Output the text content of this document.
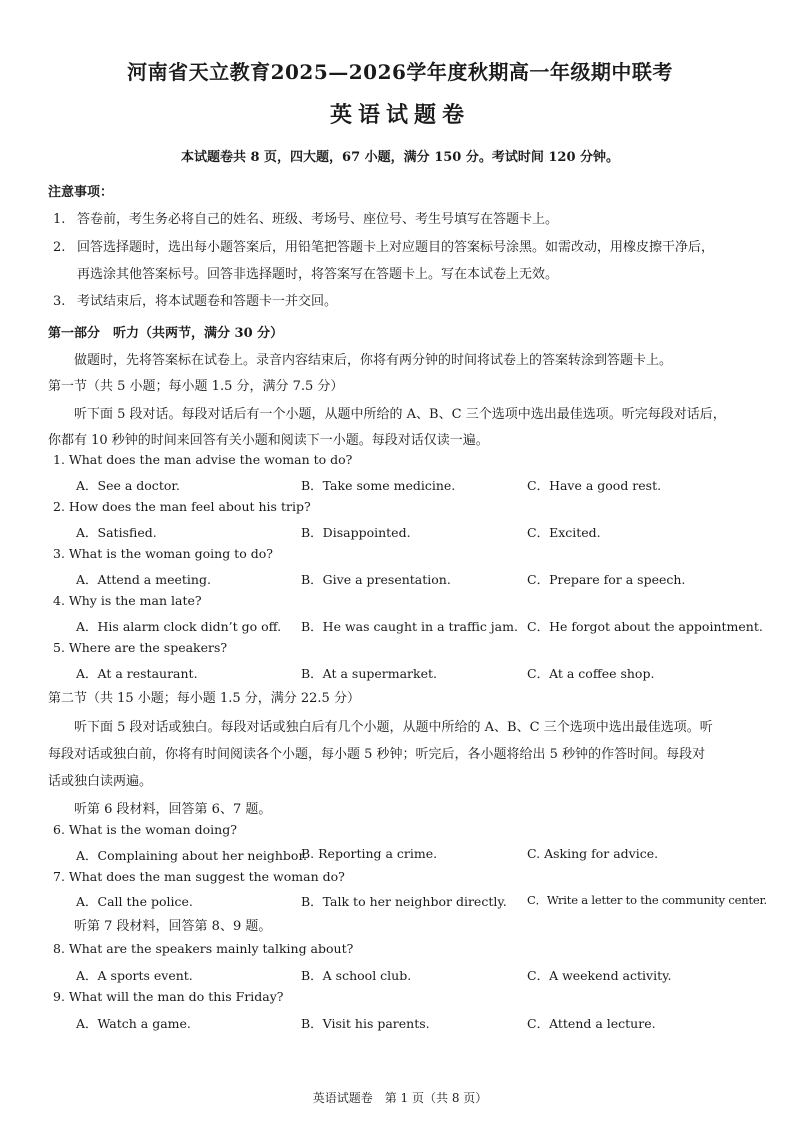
河南省天立教育2025—2026学年度秋期高一年级期中联考
英语试题卷
本试题卷共 8 页，四大题，67 小题，满分 150 分。考试时间 120 分钟。
注意事项：
1. 答卷前，考生务必将自己的姓名、班级、考场号、座位号、考生号填写在答题卡上。
2. 回答选择题时，选出每小题答案后，用铅笔把答题卡上对应题目的答案标号涂黑。如需改动，用橡皮擦干净后，
再选涂其他答案标号。回答非选择题时，将答案写在答题卡上。写在本试卷上无效。
3. 考试结束后，将本试题卷和答题卡一并交回。
第一部分　听力（共两节，满分 30 分）
做题时，先将答案标在试卷上。录音内容结束后，你将有两分钟的时间将试卷上的答案转涂到答题卡上。
第一节（共 5 小题；每小题 1.5 分，满分 7.5 分）
听下面 5 段对话。每段对话后有一个小题，从题中所给的 A、B、C 三个选项中选出最佳选项。听完每段对话后，
你都有 10 秒钟的时间来回答有关小题和阅读下一小题。每段对话仅读一遍。
1. What does the man advise the woman to do?
A．See a doctor.	B．Take some medicine.	C．Have a good rest.
2. How does the man feel about his trip?
A．Satisfied.	B．Disappointed.	C．Excited.
3. What is the woman going to do?
A．Attend a meeting.	B．Give a presentation.	C．Prepare for a speech.
4. Why is the man late?
A．His alarm clock didn’t go off. B．He was caught in a traffic jam. C．He forgot about the appointment.
5. Where are the speakers?
A．At a restaurant.	B．At a supermarket.	C．At a coffee shop.
第二节（共 15 小题；每小题 1.5 分，满分 22.5 分）
听下面 5 段对话或独白。每段对话或独白后有几个小题，从题中所给的 A、B、C 三个选项中选出最佳选项。听
每段对话或独白前，你将有时间阅读各个小题，每小题 5 秒钟；听完后，各小题将给出 5 秒钟的作答时间。每段对
话或独白读两遍。
听第 6 段材料，回答第 6、7 题。
6. What is the woman doing?
A．Complaining about her neighbor.
B. Reporting a crime.	C. Asking for advice.
7. What does the man suggest the woman do?
A．Call the police.	B．Talk to her neighbor directly. C．Write a letter to the community center.
听第 7 段材料，回答第 8、9 题。
8. What are the speakers mainly talking about?
A．A sports event.	B．A school club.	C．A weekend activity.
9. What will the man do this Friday?
A．Watch a game.	B．Visit his parents.	C．Attend a lecture.
英语试题卷　第 1 页（共 8 页）
